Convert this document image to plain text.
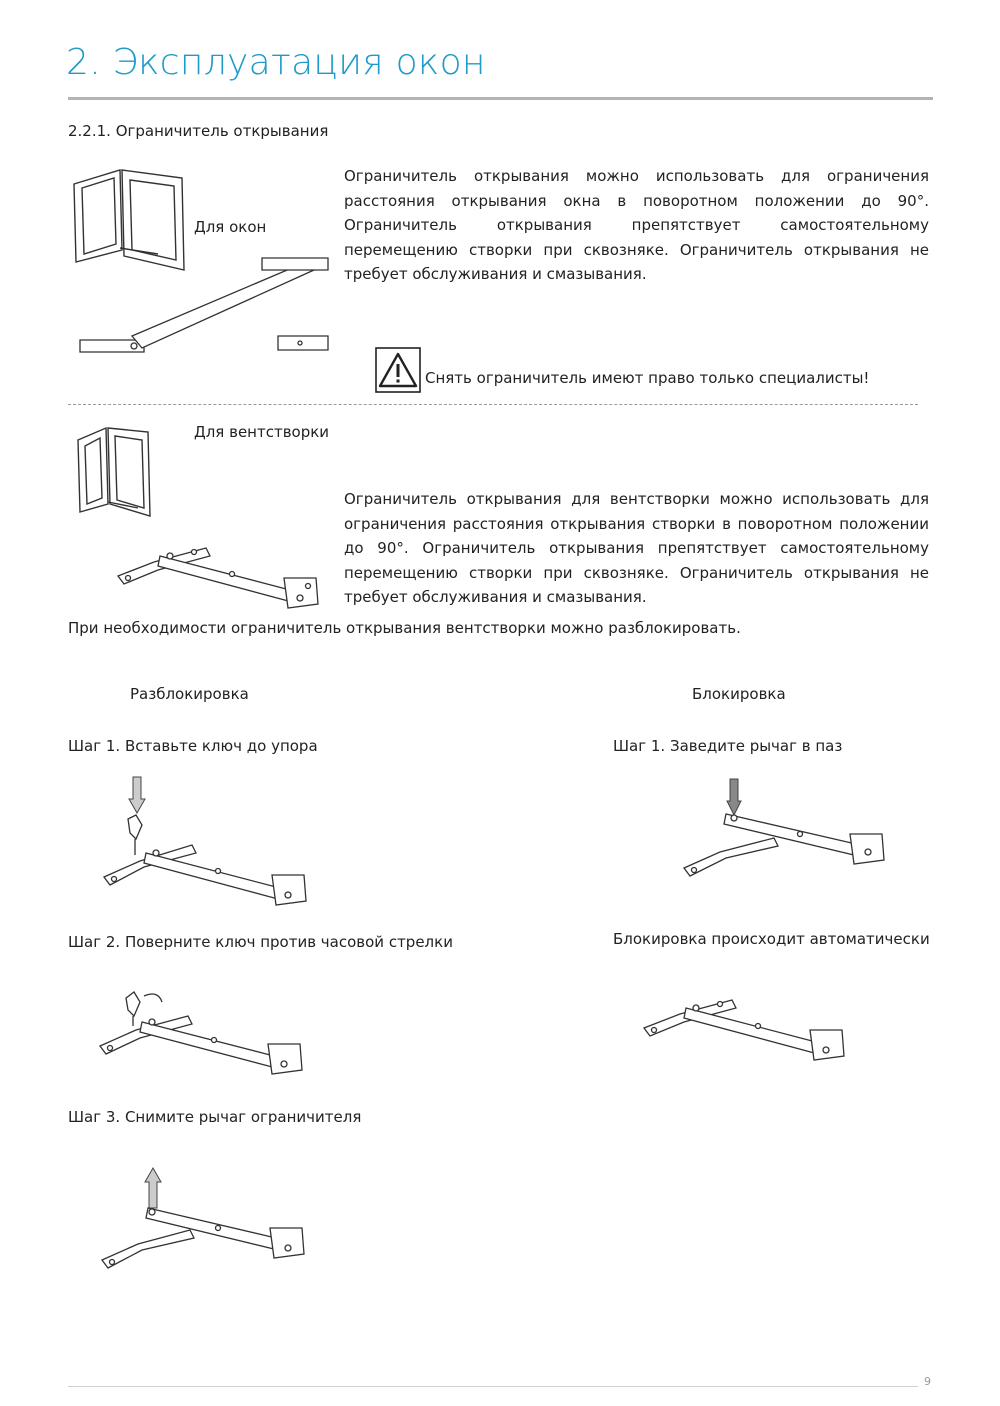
2. Эксплуатация окон
2.2.1. Ограничитель открывания
Для окон
Ограничитель открывания можно использовать для ограничения расстояния открывания окна в поворотном положении до 90°. Ограничитель открывания препятствует самостоятельному перемещению створки при сквозняке. Ограничитель открывания не требует обслуживания и смазывания.
Снять ограничитель имеют право только специалисты!
Для вентстворки
Ограничитель открывания для вентстворки можно использовать для ограничения расстояния открывания створки в поворотном положении до 90°. Ограничитель открывания препятствует самостоятельному перемещению створки при сквозняке. Ограничитель открывания не требует обслуживания и смазывания.
При необходимости ограничитель открывания вентстворки можно разблокировать.
Разблокировка	Блокировка
Шаг 1. Вставьте ключ до упора	Шаг 1. Заведите рычаг в паз
Шаг 2. Поверните ключ против часовой стрелки	Блокировка происходит автоматически
Шаг 3. Снимите рычаг ограничителя
9
